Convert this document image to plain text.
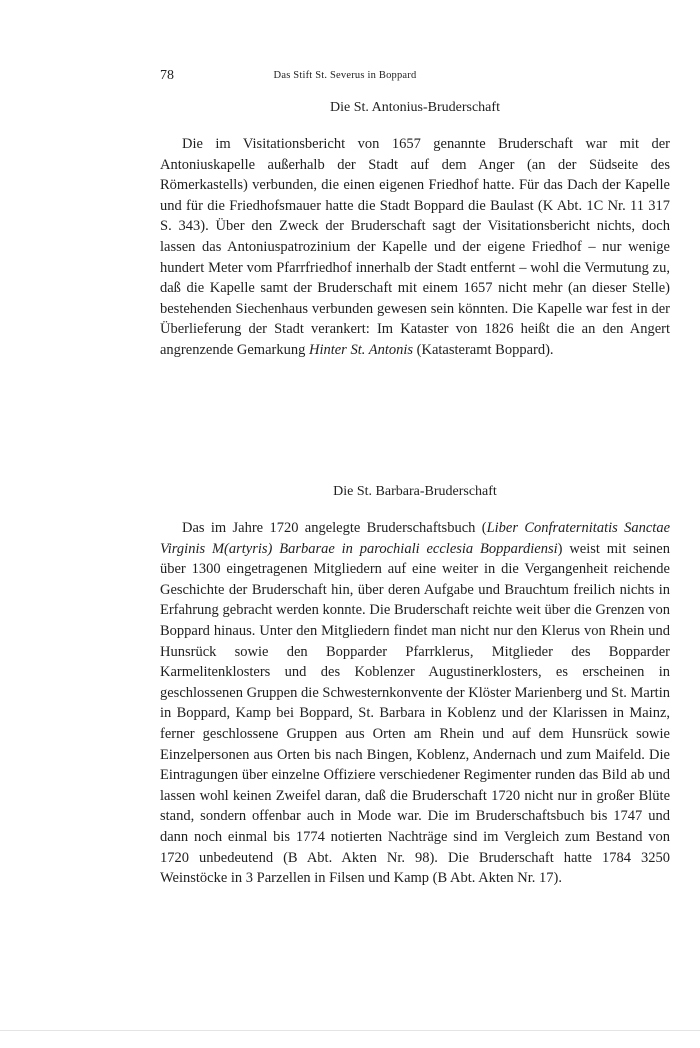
78	Das Stift St. Severus in Boppard
Die St. Antonius-Bruderschaft

Die im Visitationsbericht von 1657 genannte Bruderschaft war mit der Antoniuskapelle außerhalb der Stadt auf dem Anger (an der Südseite des Römerkastells) verbunden, die einen eigenen Friedhof hatte. Für das Dach der Kapelle und für die Friedhofsmauer hatte die Stadt Boppard die Baulast (K Abt. 1C Nr. 11 317 S. 343). Über den Zweck der Bruderschaft sagt der Visitationsbericht nichts, doch lassen das Antoniuspatrozinium der Kapelle und der eigene Friedhof – nur wenige hundert Meter vom Pfarrfriedhof innerhalb der Stadt entfernt – wohl die Vermutung zu, daß die Kapelle samt der Bruderschaft mit einem 1657 nicht mehr (an dieser Stelle) bestehenden Siechenhaus verbunden gewesen sein könnten. Die Kapelle war fest in der Überlieferung der Stadt verankert: Im Kataster von 1826 heißt die an den Angert angrenzende Gemarkung Hinter St. Antonis (Katasteramt Boppard).

Die St. Barbara-Bruderschaft

Das im Jahre 1720 angelegte Bruderschaftsbuch (Liber Confraternitatis Sanctae Virginis M(artyris) Barbarae in parochiali ecclesia Boppardiensi) weist mit seinen über 1300 eingetragenen Mitgliedern auf eine weiter in die Vergangenheit reichende Geschichte der Bruderschaft hin, über deren Aufgabe und Brauchtum freilich nichts in Erfahrung gebracht werden konnte. Die Bruderschaft reichte weit über die Grenzen von Boppard hinaus. Unter den Mitgliedern findet man nicht nur den Klerus von Rhein und Hunsrück sowie den Bopparder Pfarrklerus, Mitglieder des Bopparder Karmelitenklosters und des Koblenzer Augustinerklosters, es erscheinen in geschlossenen Gruppen die Schwesternkonvente der Klöster Marienberg und St. Martin in Boppard, Kamp bei Boppard, St. Barbara in Koblenz und der Klarissen in Mainz, ferner geschlossene Gruppen aus Orten am Rhein und auf dem Hunsrück sowie Einzelpersonen aus Orten bis nach Bingen, Koblenz, Andernach und zum Maifeld. Die Eintragungen über einzelne Offiziere verschiedener Regimenter runden das Bild ab und lassen wohl keinen Zweifel daran, daß die Bruderschaft 1720 nicht nur in großer Blüte stand, sondern offenbar auch in Mode war. Die im Bruderschaftsbuch bis 1747 und dann noch einmal bis 1774 notierten Nachträge sind im Vergleich zum Bestand von 1720 unbedeutend (B Abt. Akten Nr. 98). Die Bruderschaft hatte 1784 3250 Weinstöcke in 3 Parzellen in Filsen und Kamp (B Abt. Akten Nr. 17).
